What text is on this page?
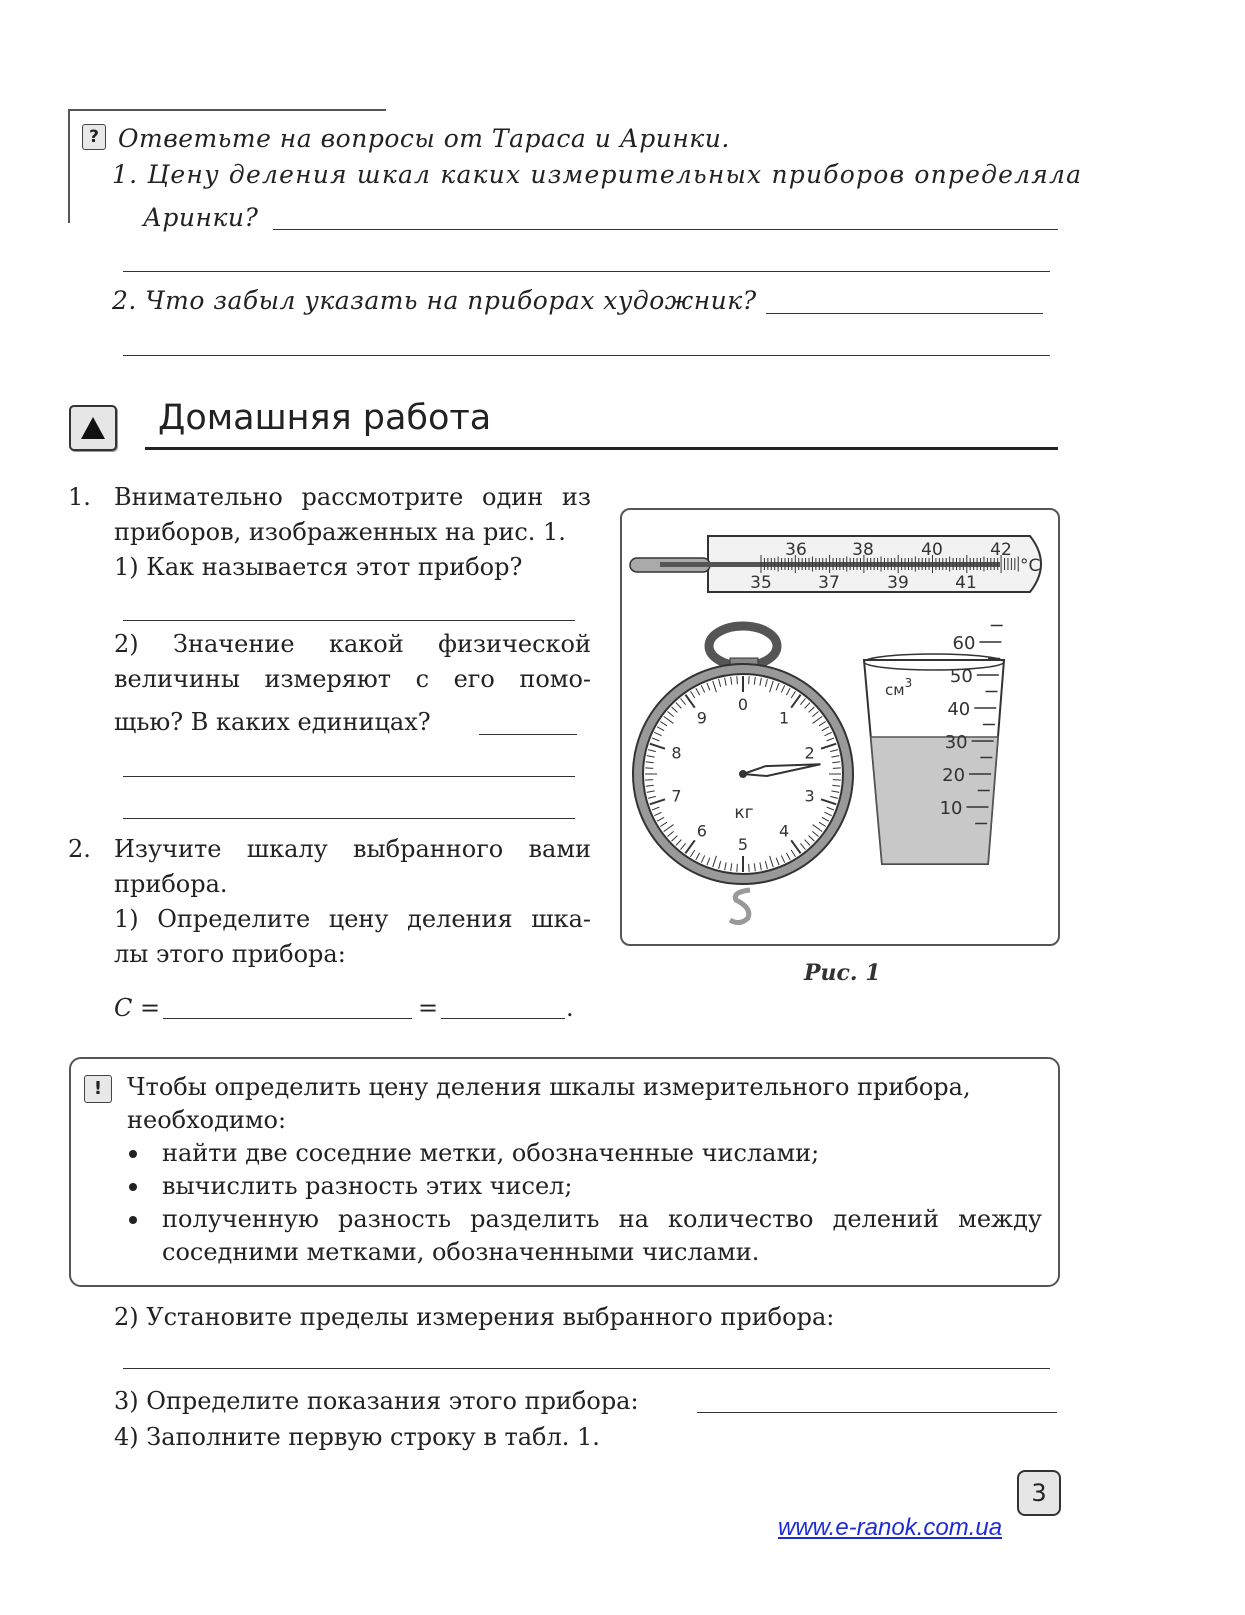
? Ответьте на вопросы от Тараса и Аринки.
1. Цену деления шкал каких измерительных приборов определяла
Аринки?
2. Что забыл указать на приборах художник?
Домашняя работа
1. Внимательно рассмотрите один из
приборов, изображенных на рис. 1.
1) Как называется этот прибор?
2) Значение какой физической
величины измеряют с его помо-
щью? В каких единицах?
2. Изучите шкалу выбранного вами
прибора.
1) Определите цену деления шка-
лы этого прибора:
C =	=	.
°C
36	38	40	42
35	37	39	41
0
1
2
3
4
5
6
7
8
9
кг
60
50
40
30
20
10
$см^3$
Рис. 1
!	Чтобы определить цену деления шкалы измерительного прибора,
необходимо:
найти две соседние метки, обозначенные числами;
вычислить разность этих чисел;
полученную разность разделить на количество делений между
соседними метками, обозначенными числами.
2) Установите пределы измерения выбранного прибора:
3) Определите показания этого прибора:
4) Заполните первую строку в табл. 1.
3
www.e-ranok.com.ua
